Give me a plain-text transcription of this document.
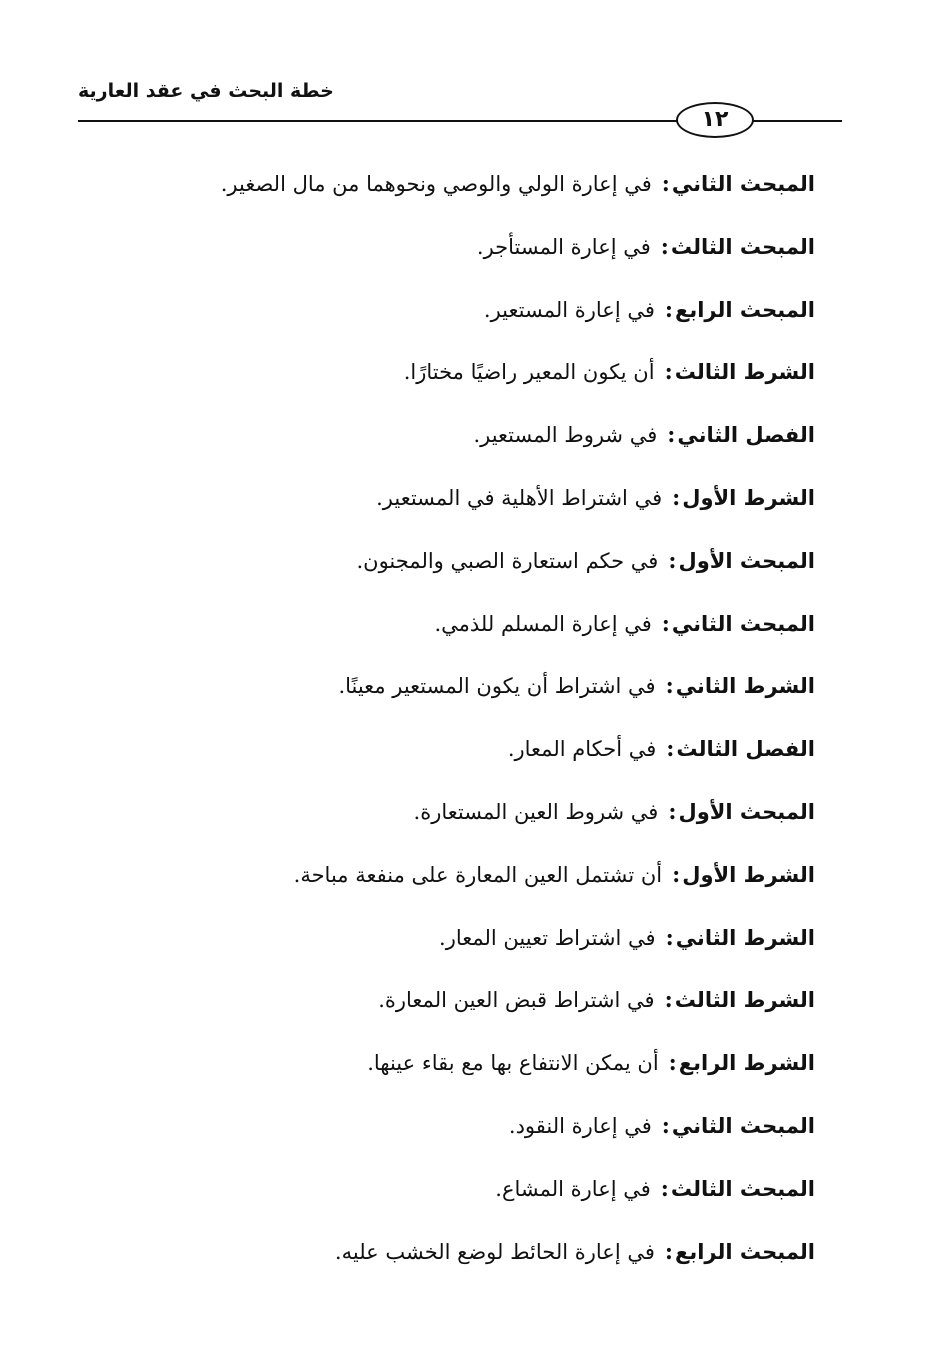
خطة البحث في عقد العارية
١٢
المبحث الثاني:في إعارة الولي والوصي ونحوهما من مال الصغير.
المبحث الثالث:في إعارة المستأجر.
المبحث الرابع:في إعارة المستعير.
الشرط الثالث:أن يكون المعير راضيًا مختارًا.
الفصل الثاني:في شروط المستعير.
الشرط الأول:في اشتراط الأهلية في المستعير.
المبحث الأول:في حكم استعارة الصبي والمجنون.
المبحث الثاني:في إعارة المسلم للذمي.
الشرط الثاني:في اشتراط أن يكون المستعير معينًا.
الفصل الثالث:في أحكام المعار.
المبحث الأول:في شروط العين المستعارة.
الشرط الأول:أن تشتمل العين المعارة على منفعة مباحة.
الشرط الثاني:في اشتراط تعيين المعار.
الشرط الثالث:في اشتراط قبض العين المعارة.
الشرط الرابع:أن يمكن الانتفاع بها مع بقاء عينها.
المبحث الثاني:في إعارة النقود.
المبحث الثالث:في إعارة المشاع.
المبحث الرابع:في إعارة الحائط لوضع الخشب عليه.
